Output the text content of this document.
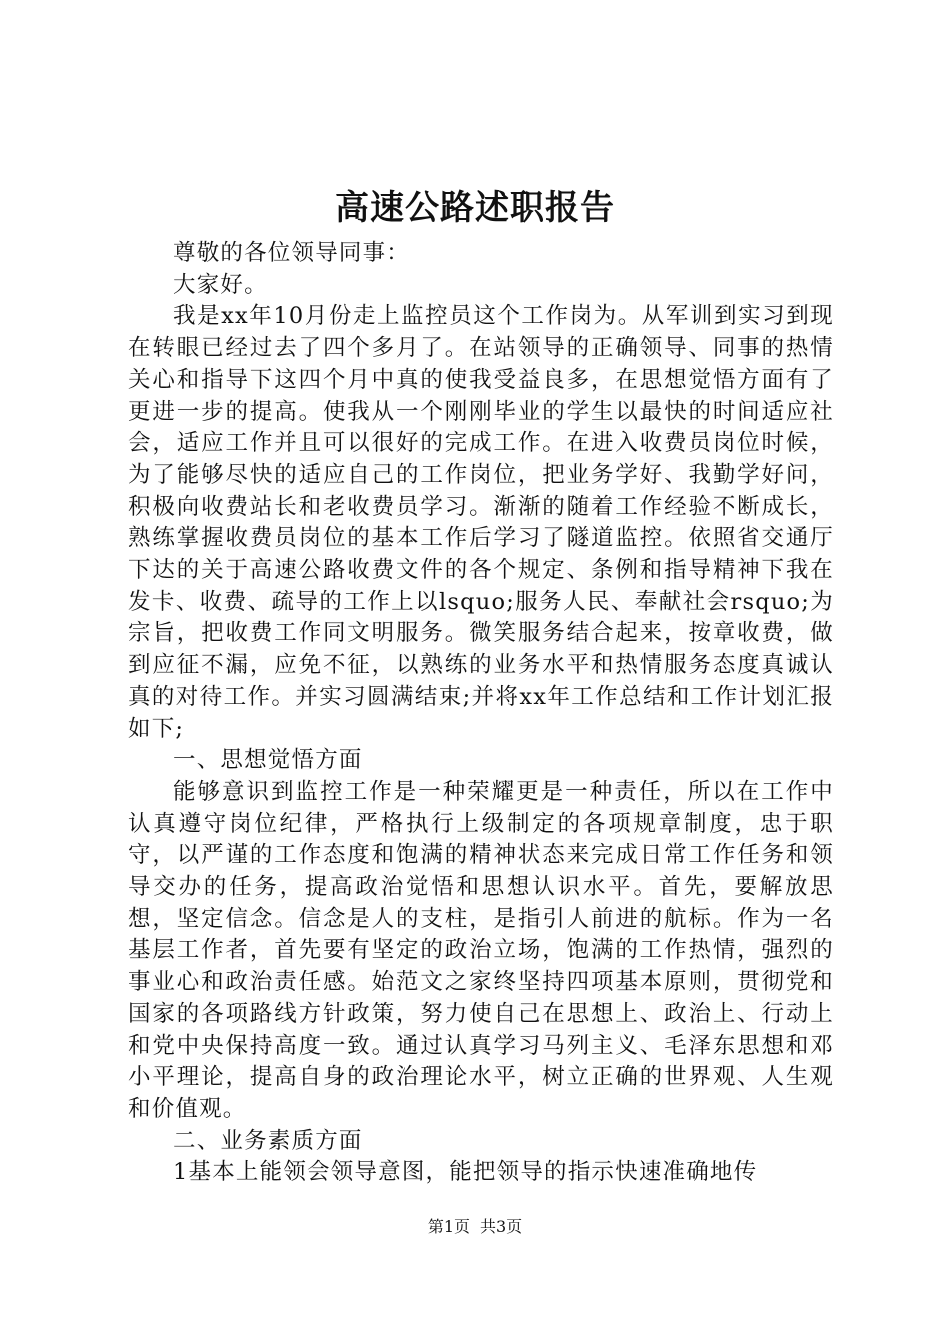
高速公路述职报告

尊敬的各位领导同事：

大家好。

我是xx年10月份走上监控员这个工作岗为。从军训到实习到现在转眼已经过去了四个多月了。在站领导的正确领导、同事的热情关心和指导下这四个月中真的使我受益良多，在思想觉悟方面有了更进一步的提高。使我从一个刚刚毕业的学生以最快的时间适应社会，适应工作并且可以很好的完成工作。在进入收费员岗位时候，为了能够尽快的适应自己的工作岗位，把业务学好、我勤学好问，积极向收费站长和老收费员学习。渐渐的随着工作经验不断成长，熟练掌握收费员岗位的基本工作后学习了隧道监控。依照省交通厅下达的关于高速公路收费文件的各个规定、条例和指导精神下我在发卡、收费、疏导的工作上以lsquo;服务人民、奉献社会rsquo;为宗旨，把收费工作同文明服务。微笑服务结合起来，按章收费，做到应征不漏，应免不征，以熟练的业务水平和热情服务态度真诚认真的对待工作。并实习圆满结束;并将xx年工作总结和工作计划汇报如下;

一、思想觉悟方面

能够意识到监控工作是一种荣耀更是一种责任，所以在工作中认真遵守岗位纪律，严格执行上级制定的各项规章制度，忠于职守，以严谨的工作态度和饱满的精神状态来完成日常工作任务和领导交办的任务，提高政治觉悟和思想认识水平。首先，要解放思想，坚定信念。信念是人的支柱，是指引人前进的航标。作为一名基层工作者，首先要有坚定的政治立场，饱满的工作热情，强烈的事业心和政治责任感。始范文之家终坚持四项基本原则，贯彻党和国家的各项路线方针政策，努力使自己在思想上、政治上、行动上和党中央保持高度一致。通过认真学习马列主义、毛泽东思想和邓小平理论，提高自身的政治理论水平，树立正确的世界观、人生观和价值观。

二、业务素质方面

1基本上能领会领导意图，能把领导的指示快速准确地传

第1页 共3页
